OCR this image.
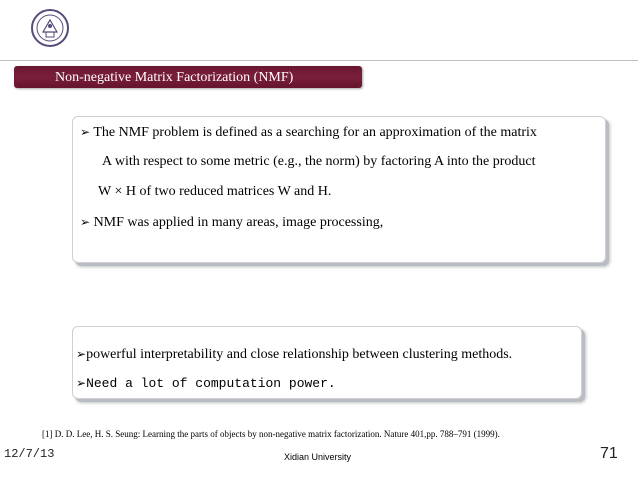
Non-negative Matrix Factorization (NMF)
➢ The NMF problem is defined as a searching for an approximation of the matrix
A with respect to some metric (e.g., the norm) by factoring A into the product
W × H of two reduced matrices W and H.
➢ NMF was applied in many areas, image processing,
➢powerful interpretability and close relationship between clustering methods.
➢Need a lot of computation power.
[1] D. D. Lee, H. S. Seung: Learning the parts of objects by non-negative matrix factorization. Nature 401,pp. 788–791 (1999).
12/7/13	Xidian University	71
